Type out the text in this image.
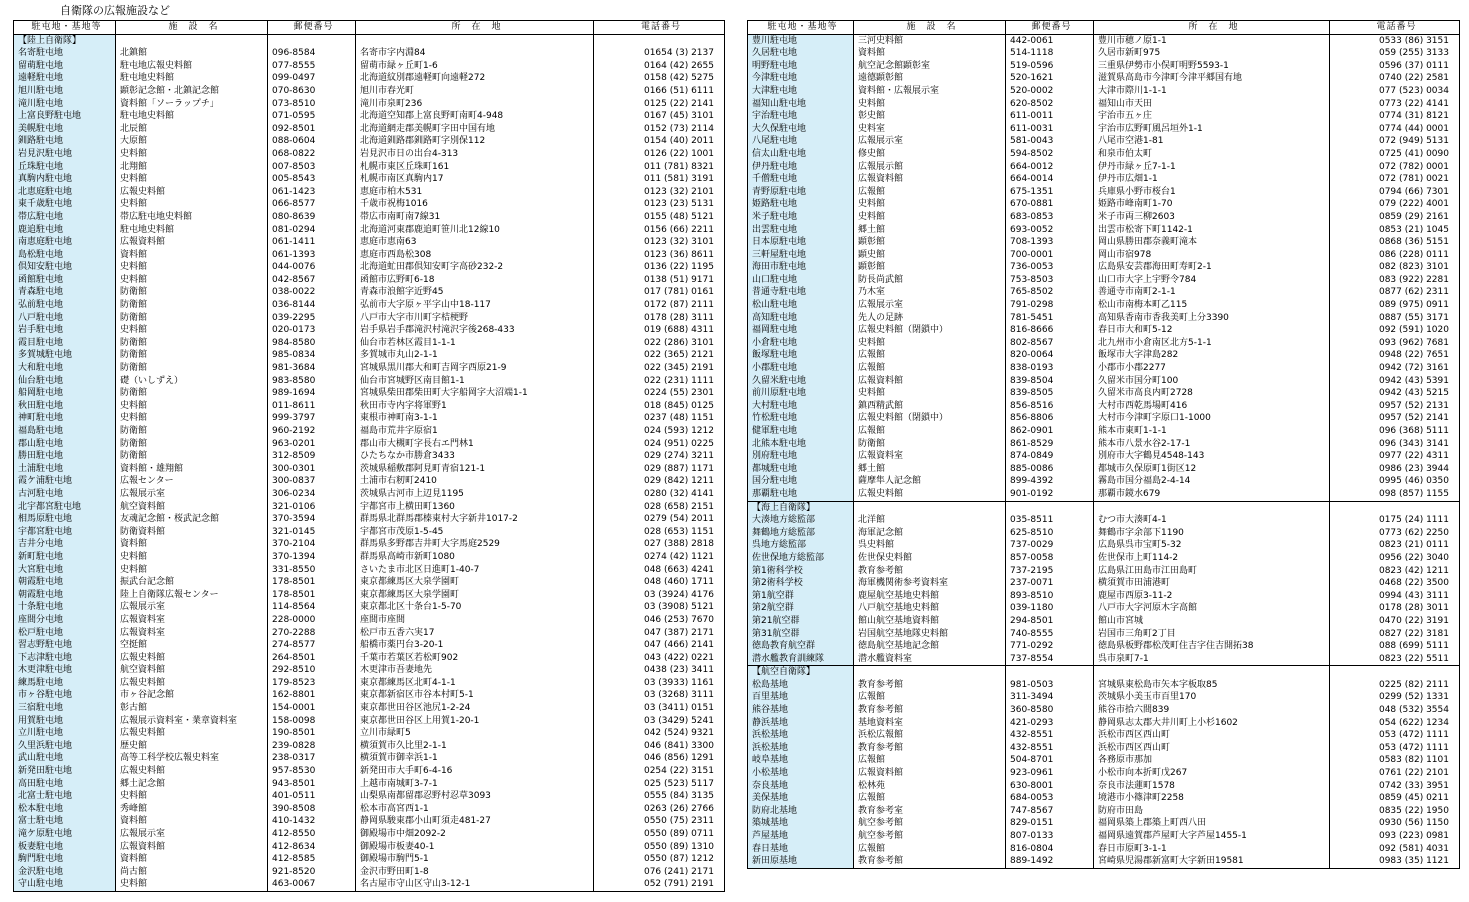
自衛隊の広報施設など
駐屯地・基地等	施　設　名	郵便番号	所　在　地	電話番号
【陸上自衛隊】				
名寄駐屯地	北鎮館	096-8584	名寄市字内淵84	01654 (3) 2137
留萌駐屯地	駐屯地広報史料館	077-8555	留萌市緑ヶ丘町1-6	0164 (42) 2655
遠軽駐屯地	駐屯地史料館	099-0497	北海道紋別郡遠軽町向遠軽272	0158 (42) 5275
旭川駐屯地	顕彰記念館・北鎮記念館	070-8630	旭川市春光町	0166 (51) 6111
滝川駐屯地	資料館「ソーラップチ」	073-8510	滝川市泉町236	0125 (22) 2141
上富良野駐屯地	駐屯地史料館	071-0595	北海道空知郡上富良野町南町4-948	0167 (45) 3101
美幌駐屯地	北辰館	092-8501	北海道網走郡美幌町字田中国有地	0152 (73) 2114
釧路駐屯地	大原館	088-0604	北海道釧路郡釧路町字別保112	0154 (40) 2011
岩見沢駐屯地	史料館	068-0822	岩見沢市日の出台4-313	0126 (22) 1001
丘珠駐屯地	北翔館	007-8503	札幌市東区丘珠町161	011 (781) 8321
真駒内駐屯地	史料館	005-8543	札幌市南区真駒内17	011 (581) 3191
北恵庭駐屯地	広報史料館	061-1423	恵庭市柏木531	0123 (32) 2101
東千歳駐屯地	史料館	066-8577	千歳市祝梅1016	0123 (23) 5131
帯広駐屯地	帯広駐屯地史料館	080-8639	帯広市南町南7線31	0155 (48) 5121
鹿追駐屯地	駐屯地史料館	081-0294	北海道河東郡鹿追町笹川北12線10	0156 (66) 2211
南恵庭駐屯地	広報資料館	061-1411	恵庭市恵南63	0123 (32) 3101
島松駐屯地	資料館	061-1393	恵庭市西島松308	0123 (36) 8611
倶知安駐屯地	史料館	044-0076	北海道虻田郡倶知安町字高砂232-2	0136 (22) 1195
函館駐屯地	史料館	042-8567	函館市広野町6-18	0138 (51) 9171
青森駐屯地	防衛館	038-0022	青森市浪館字近野45	017 (781) 0161
弘前駐屯地	防衛館	036-8144	弘前市大字原ヶ平字山中18-117	0172 (87) 2111
八戸駐屯地	防衛館	039-2295	八戸市大字市川町字桔梗野	0178 (28) 3111
岩手駐屯地	史料館	020-0173	岩手県岩手郡滝沢村滝沢字後268-433	019 (688) 4311
霞目駐屯地	防衛館	984-8580	仙台市若林区霞目1-1-1	022 (286) 3101
多賀城駐屯地	防衛館	985-0834	多賀城市丸山2-1-1	022 (365) 2121
大和駐屯地	防衛館	981-3684	宮城県黒川郡大和町吉岡字西原21-9	022 (345) 2191
仙台駐屯地	礎（いしずえ）	983-8580	仙台市宮城野区南目館1-1	022 (231) 1111
船岡駐屯地	防衛館	989-1694	宮城県柴田郡柴田町大字船岡字大沼端1-1	0224 (55) 2301
秋田駐屯地	史料館	011-8611	秋田市寺内字将軍野1	018 (845) 0125
神町駐屯地	史料館	999-3797	東根市神町南3-1-1	0237 (48) 1151
福島駐屯地	防衛館	960-2192	福島市荒井字原宿1	024 (593) 1212
郡山駐屯地	防衛館	963-0201	郡山市大槻町字長右エ門林1	024 (951) 0225
勝田駐屯地	防衛館	312-8509	ひたちなか市勝倉3433	029 (274) 3211
土浦駐屯地	資料館・雄翔館	300-0301	茨城県稲敷郡阿見町青宿121-1	029 (887) 1171
霞ケ浦駐屯地	広報センター	300-0837	土浦市右籾町2410	029 (842) 1211
古河駐屯地	広報展示室	306-0234	茨城県古河市上辺見1195	0280 (32) 4141
北宇都宮駐屯地	航空資料館	321-0106	宇都宮市上横田町1360	028 (658) 2151
相馬原駐屯地	友魂記念館・桜武記念館	370-3594	群馬県北群馬郡榛東村大字新井1017-2	0279 (54) 2011
宇都宮駐屯地	防衛資料館	321-0145	宇都宮市茂原1-5-45	028 (653) 1151
吉井分屯地	資料館	370-2104	群馬県多野郡吉井町大字馬庭2529	027 (388) 2818
新町駐屯地	史料館	370-1394	群馬県高崎市新町1080	0274 (42) 1121
大宮駐屯地	史料館	331-8550	さいたま市北区日進町1-40-7	048 (663) 4241
朝霞駐屯地	振武台記念館	178-8501	東京都練馬区大泉学園町	048 (460) 1711
朝霞駐屯地	陸上自衛隊広報センター	178-8501	東京都練馬区大泉学園町	03 (3924) 4176
十条駐屯地	広報展示室	114-8564	東京都北区十条台1-5-70	03 (3908) 5121
座間分屯地	広報資料室	228-0000	座間市座間	046 (253) 7670
松戸駐屯地	広報資料室	270-2288	松戸市五香六実17	047 (387) 2171
習志野駐屯地	空挺館	274-8577	船橋市薬円台3-20-1	047 (466) 2141
下志津駐屯地	広報史料館	264-8501	千葉市若葉区若松町902	043 (422) 0221
木更津駐屯地	航空資料館	292-8510	木更津市吾妻地先	0438 (23) 3411
練馬駐屯地	広報史料館	179-8523	東京都練馬区北町4-1-1	03 (3933) 1161
市ヶ谷駐屯地	市ヶ谷記念館	162-8801	東京都新宿区市谷本村町5-1	03 (3268) 3111
三宿駐屯地	彰古館	154-0001	東京都世田谷区池尻1-2-24	03 (3411) 0151
用賀駐屯地	広報展示資料室・業章資料室	158-0098	東京都世田谷区上用賀1-20-1	03 (3429) 5241
立川駐屯地	広報史料館	190-8501	立川市緑町5	042 (524) 9321
久里浜駐屯地	歴史館	239-0828	横須賀市久比里2-1-1	046 (841) 3300
武山駐屯地	高等工科学校広報史料室	238-0317	横須賀市御幸浜1-1	046 (856) 1291
新発田駐屯地	広報史料館	957-8530	新発田市大手町6-4-16	0254 (22) 3151
高田駐屯地	郷土記念館	943-8501	上越市南城町3-7-1	025 (523) 5117
北富士駐屯地	史料館	401-0511	山梨県南都留郡忍野村忍草3093	0555 (84) 3135
松本駐屯地	秀峰館	390-8508	松本市高宮西1-1	0263 (26) 2766
富士駐屯地	資料館	410-1432	静岡県駿東郡小山町須走481-27	0550 (75) 2311
滝ケ原駐屯地	広報展示室	412-8550	御殿場市中畑2092-2	0550 (89) 0711
板妻駐屯地	広報資料館	412-8634	御殿場市板妻40-1	0550 (89) 1310
駒門駐屯地	資料館	412-8585	御殿場市駒門5-1	0550 (87) 1212
金沢駐屯地	尚古館	921-8520	金沢市野田町1-8	076 (241) 2171
守山駐屯地	史料館	463-0067	名古屋市守山区守山3-12-1	052 (791) 2191
駐屯地・基地等	施　設　名	郵便番号	所　在　地	電話番号
豊川駐屯地	三河史料館	442-0061	豊川市穂ノ原1-1	0533 (86) 3151
久居駐屯地	資料館	514-1118	久居市新町975	059 (255) 3133
明野駐屯地	航空記念館顕彰室	519-0596	三重県伊勢市小俣町明野5593-1	0596 (37) 0111
今津駐屯地	遠德顕彰館	520-1621	滋賀県高島市今津町今津平郷国有地	0740 (22) 2581
大津駐屯地	資料館・広報展示室	520-0002	大津市際川1-1-1	077 (523) 0034
福知山駐屯地	史料館	620-8502	福知山市天田	0773 (22) 4141
宇治駐屯地	彰史館	611-0011	宇治市五ヶ庄	0774 (31) 8121
大久保駐屯地	史料室	611-0031	宇治市広野町風呂垣外1-1	0774 (44) 0001
八尾駐屯地	広報展示室	581-0043	八尾市空港1-81	072 (949) 5131
信太山駐屯地	修史館	594-8502	和泉市伯太町	0725 (41) 0090
伊丹駐屯地	広報展示館	664-0012	伊丹市緑ヶ丘7-1-1	072 (782) 0001
千僧駐屯地	広報資料館	664-0014	伊丹市広畑1-1	072 (781) 0021
青野原駐屯地	広報館	675-1351	兵庫県小野市桜台1	0794 (66) 7301
姫路駐屯地	史料館	670-0881	姫路市峰南町1-70	079 (222) 4001
米子駐屯地	史料館	683-0853	米子市両三柳2603	0859 (29) 2161
出雲駐屯地	郷土館	693-0052	出雲市松寄下町1142-1	0853 (21) 1045
日本原駐屯地	顕彰館	708-1393	岡山県勝田郡奈義町滝本	0868 (36) 5151
三軒屋駐屯地	顕史館	700-0001	岡山市宿978	086 (228) 0111
海田市駐屯地	顕彰館	736-0053	広島県安芸郡海田町寿町2-1	082 (823) 3101
山口駐屯地	防長尚武館	753-8503	山口市大字上宇野令784	083 (922) 2281
普通寺駐屯地	乃木室	765-8502	善通寺市南町2-1-1	0877 (62) 2311
松山駐屯地	広報展示室	791-0298	松山市南梅本町乙115	089 (975) 0911
高知駐屯地	先人の足跡	781-5451	高知県香南市香我美町上分3390	0887 (55) 3171
福岡駐屯地	広報史料館（閉鎖中）	816-8666	春日市大和町5-12	092 (591) 1020
小倉駐屯地	史料館	802-8567	北九州市小倉南区北方5-1-1	093 (962) 7681
飯塚駐屯地	広報館	820-0064	飯塚市大字津島282	0948 (22) 7651
小郡駐屯地	広報館	838-0193	小郡市小郡2277	0942 (72) 3161
久留米駐屯地	広報資料館	839-8504	久留米市国分町100	0942 (43) 5391
前川原駐屯地	史料館	839-8505	久留米市高良内町2728	0942 (43) 5215
大村駐屯地	鎮西精武館	856-8516	大村市西乾馬場町416	0957 (52) 2131
竹松駐屯地	広報史料館（閉鎖中）	856-8806	大村市今津町字原口1-1000	0957 (52) 2141
健軍駐屯地	広報館	862-0901	熊本市東町1-1-1	096 (368) 5111
北熊本駐屯地	防衛館	861-8529	熊本市八景水谷2-17-1	096 (343) 3141
別府駐屯地	広報資料室	874-0849	別府市大字鶴見4548-143	0977 (22) 4311
都城駐屯地	郷土館	885-0086	都城市久保原町1街区12	0986 (23) 3944
国分駐屯地	薩摩隼人記念館	899-4392	霧島市国分福島2-4-14	0995 (46) 0350
那覇駐屯地	広報史料館	901-0192	那覇市鏡水679	098 (857) 1155
【海上自衛隊】				
大湊地方総監部	北洋館	035-8511	むつ市大湊町4-1	0175 (24) 1111
舞鶴地方総監部	海軍記念館	625-8510	舞鶴市字余部下1190	0773 (62) 2250
呉地方総監部	呉史料館	737-0029	広島県呉市宝町5-32	0823 (21) 0111
佐世保地方総監部	佐世保史料館	857-0058	佐世保市上町114-2	0956 (22) 3040
第1術科学校	教育参考館	737-2195	広島県江田島市江田島町	0823 (42) 1211
第2術科学校	海軍機関術参考資料室	237-0071	横須賀市田浦港町	0468 (22) 3500
第1航空群	鹿屋航空基地史料館	893-8510	鹿屋市西原3-11-2	0994 (43) 3111
第2航空群	八戸航空基地史料館	039-1180	八戸市大字河原木字高館	0178 (28) 3011
第21航空群	館山航空基地資料館	294-8501	館山市宮城	0470 (22) 3191
第31航空群	岩国航空基地隊史料館	740-8555	岩国市三角町2丁目	0827 (22) 3181
徳島教育航空群	徳島航空基地記念館	771-0292	徳島県板野郡松茂町住吉字住吉開拓38	088 (699) 5111
潜水艦教育訓練隊	潜水艦資料室	737-8554	呉市泉町7-1	0823 (22) 5511
【航空自衛隊】				
松島基地	教育参考館	981-0503	宮城県東松島市矢本字板取85	0225 (82) 2111
百里基地	広報館	311-3494	茨城県小美玉市百里170	0299 (52) 1331
熊谷基地	教育参考館	360-8580	熊谷市拾六間839	048 (532) 3554
静浜基地	基地資料室	421-0293	静岡県志太郡大井川町上小杉1602	054 (622) 1234
浜松基地	浜松広報館	432-8551	浜松市西区西山町	053 (472) 1111
浜松基地	教育参考館	432-8551	浜松市西区西山町	053 (472) 1111
岐阜基地	広報館	504-8701	各務原市那加	0583 (82) 1101
小松基地	広報資料館	923-0961	小松市向本折町戊267	0761 (22) 2101
奈良基地	松林苑	630-8001	奈良市法蓮町1578	0742 (33) 3951
美保基地	広報館	684-0053	境港市小篠津町2258	0859 (45) 0211
防府北基地	教育参考室	747-8567	防府市田島	0835 (22) 1950
築城基地	航空参考館	829-0151	福岡県築上郡築上町西八田	0930 (56) 1150
芦屋基地	航空参考館	807-0133	福岡県遠賀郡芦屋町大字芦屋1455-1	093 (223) 0981
春日基地	広報館	816-0804	春日市原町3-1-1	092 (581) 4031
新田原基地	教育参考館	889-1492	宮崎県児湯郡新富町大字新田19581	0983 (35) 1121
